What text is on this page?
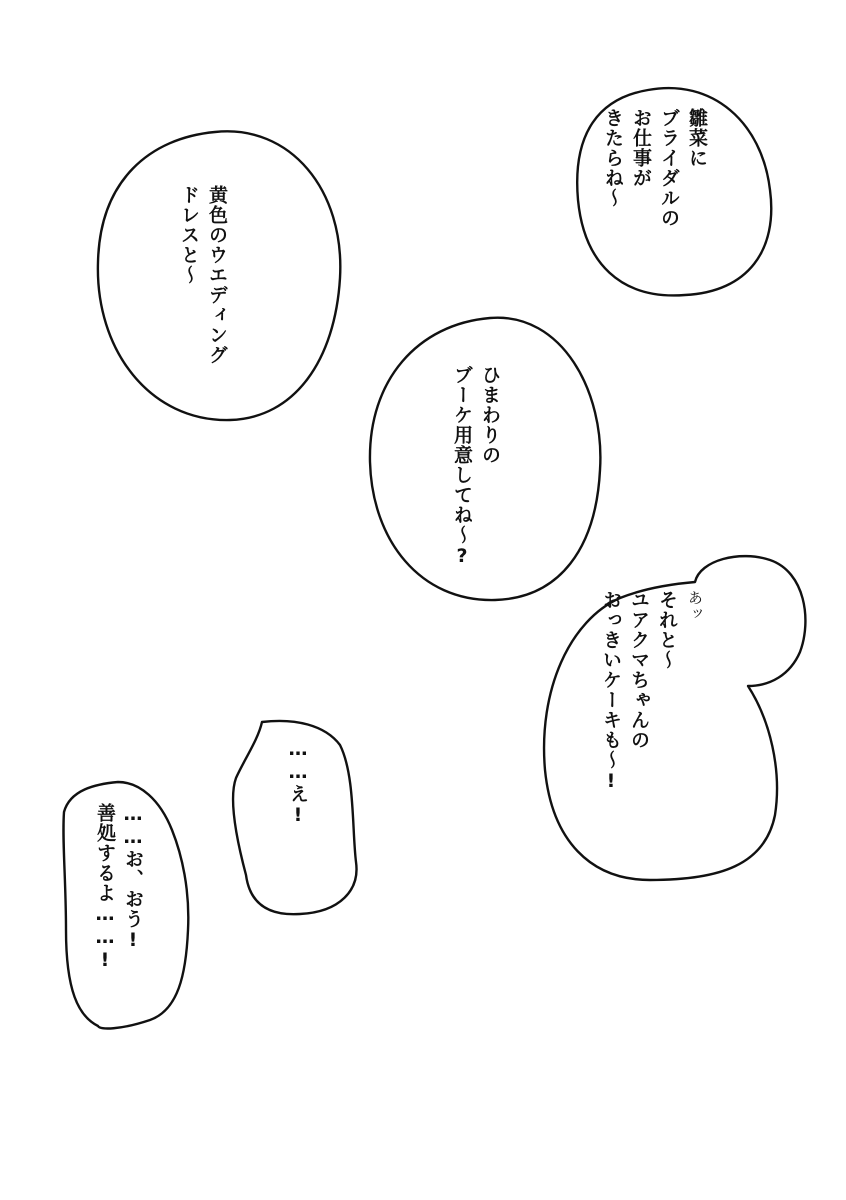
雛菜に
ブライダルの
お仕事が
きたらね〜
黄色のウエディング
ドレスと〜
ひまわりの
ブーケ用意してね〜?
あッ
それと〜
ユアクマちゃんの
おっきいケーキも〜!
……え!
……お、おう!
善処するよ……!
